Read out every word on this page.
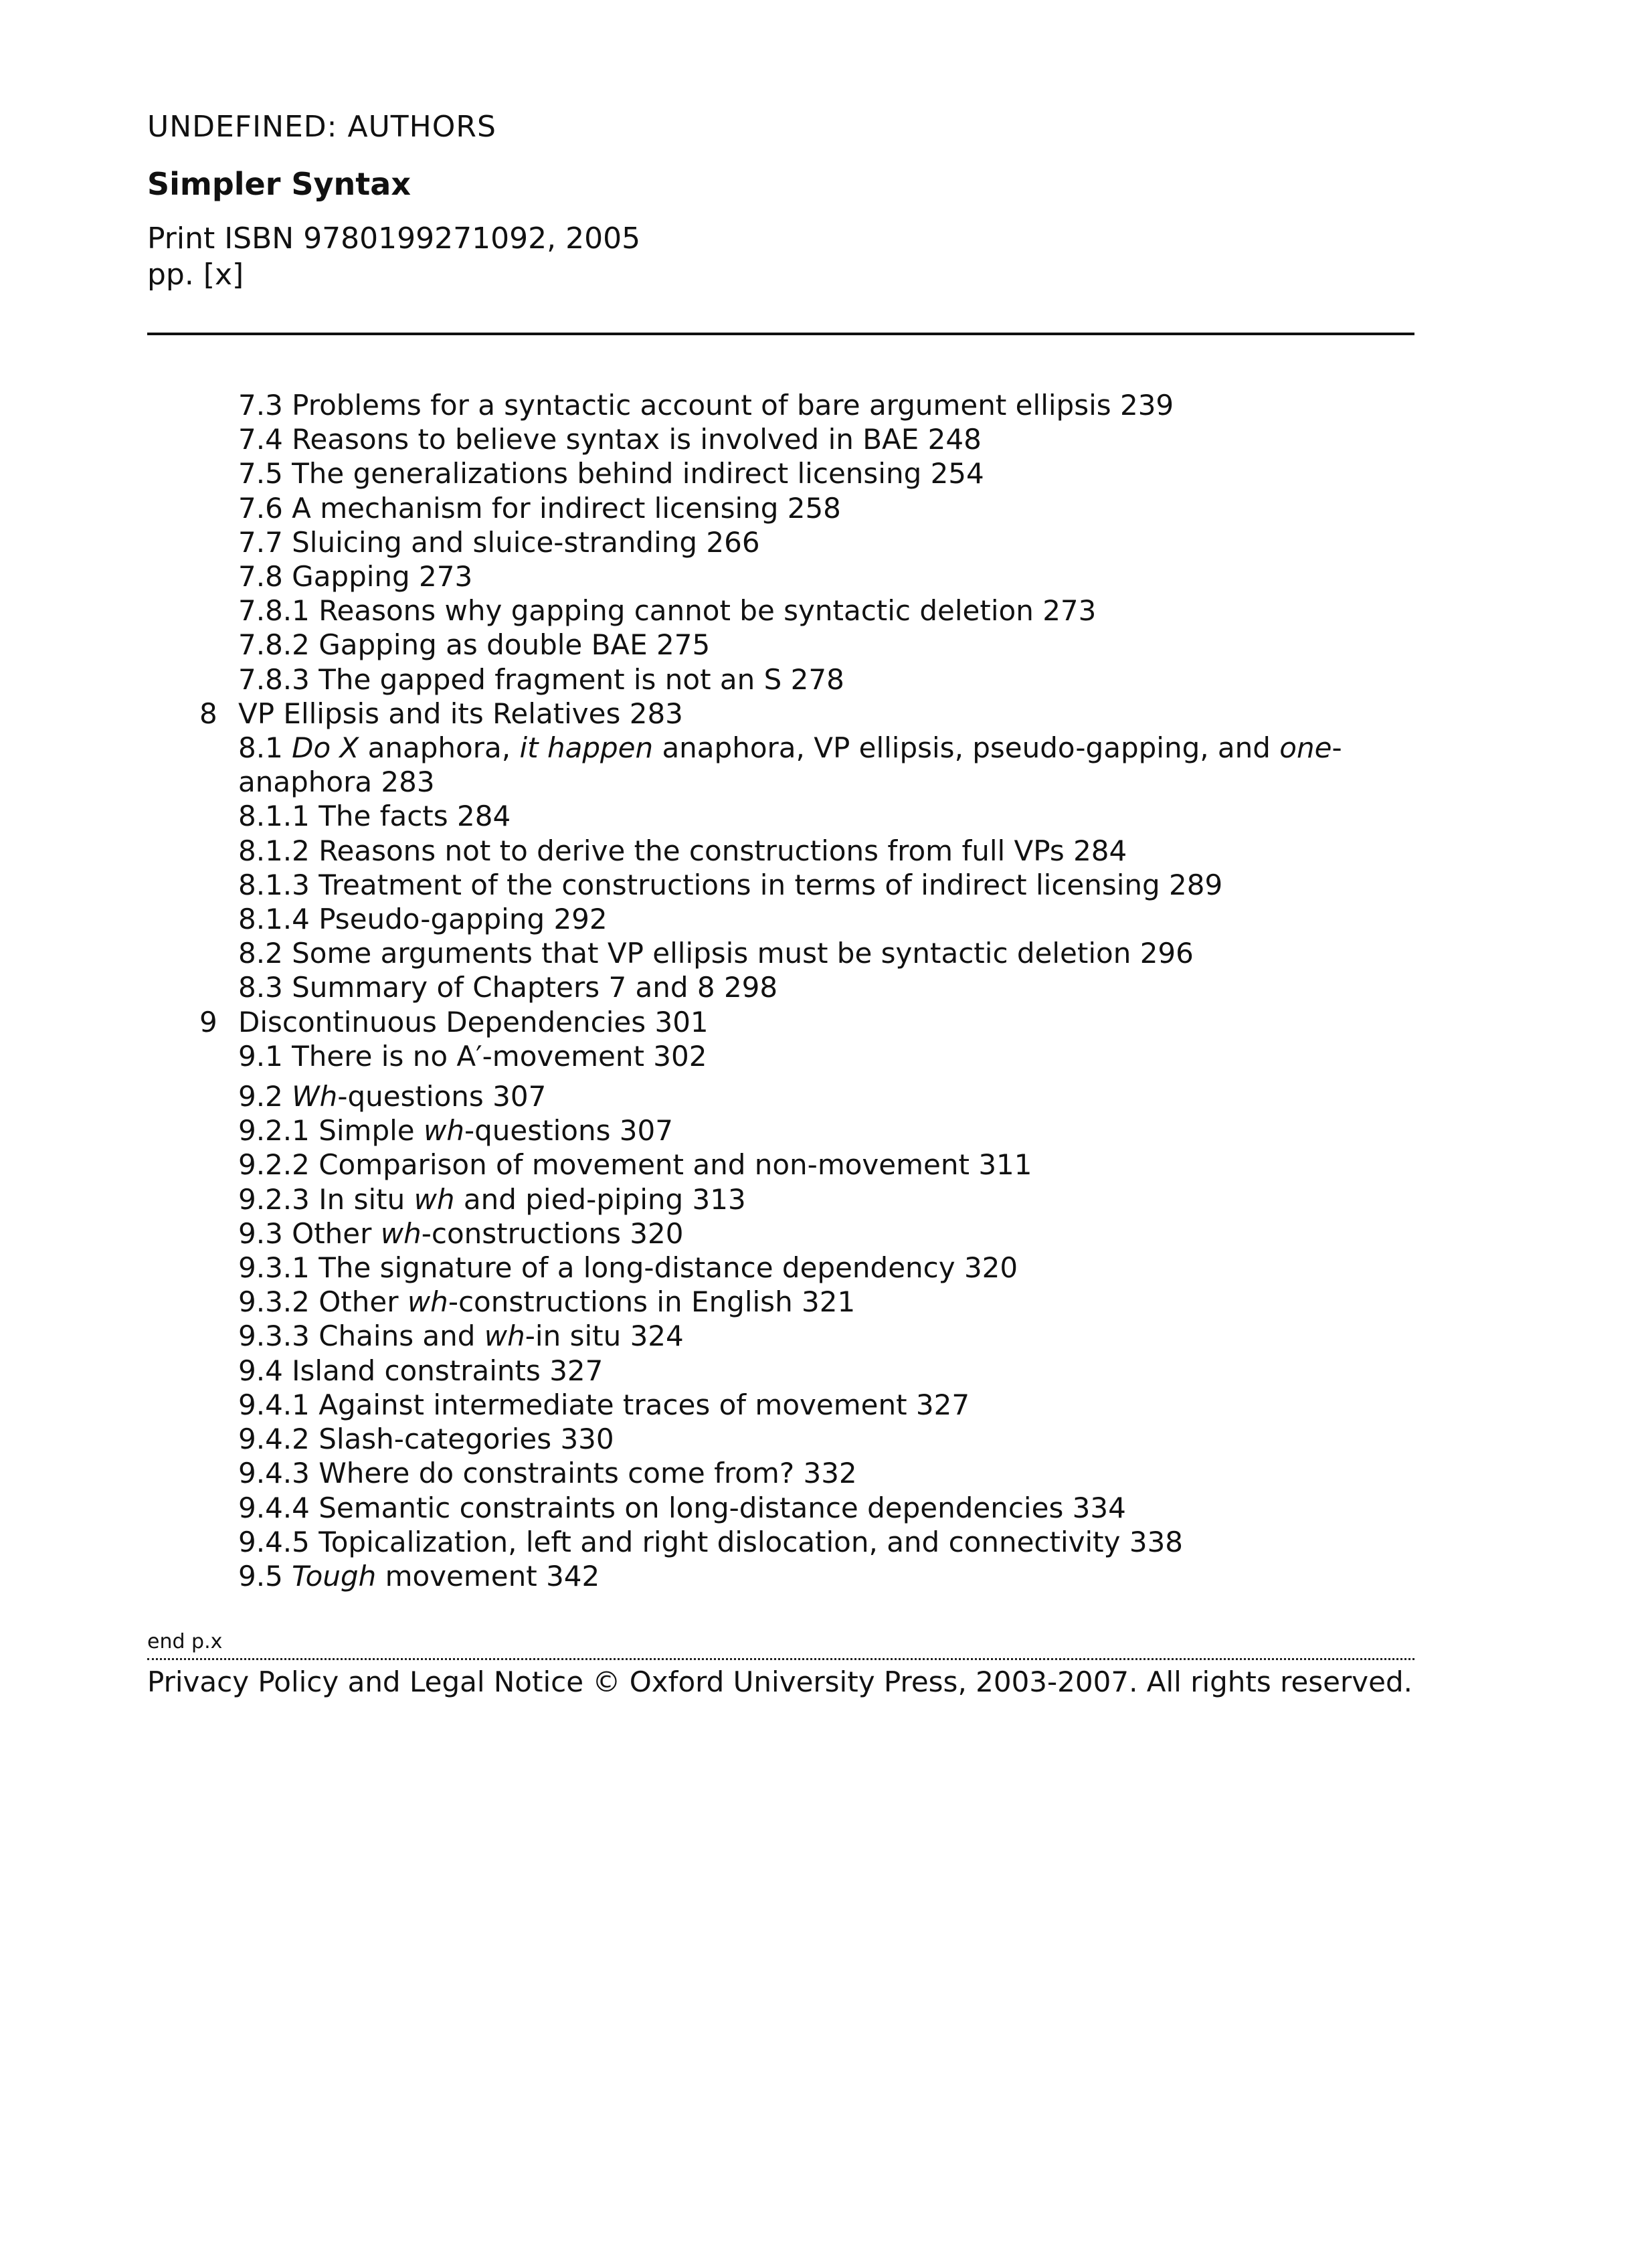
UNDEFINED: AUTHORS
Simpler Syntax
Print ISBN 9780199271092, 2005
pp. [x]
7.3 Problems for a syntactic account of bare argument ellipsis 239
7.4 Reasons to believe syntax is involved in BAE 248
7.5 The generalizations behind indirect licensing 254
7.6 A mechanism for indirect licensing 258
7.7 Sluicing and sluice-stranding 266
7.8 Gapping 273
7.8.1 Reasons why gapping cannot be syntactic deletion 273
7.8.2 Gapping as double BAE 275
7.8.3 The gapped fragment is not an S 278
8 VP Ellipsis and its Relatives 283
8.1 Do X anaphora, it happen anaphora, VP ellipsis, pseudo-gapping, and one-anaphora 283
8.1.1 The facts 284
8.1.2 Reasons not to derive the constructions from full VPs 284
8.1.3 Treatment of the constructions in terms of indirect licensing 289
8.1.4 Pseudo-gapping 292
8.2 Some arguments that VP ellipsis must be syntactic deletion 296
8.3 Summary of Chapters 7 and 8 298
9 Discontinuous Dependencies 301
9.1 There is no A′-movement 302
9.2 Wh-questions 307
9.2.1 Simple wh-questions 307
9.2.2 Comparison of movement and non-movement 311
9.2.3 In situ wh and pied-piping 313
9.3 Other wh-constructions 320
9.3.1 The signature of a long-distance dependency 320
9.3.2 Other wh-constructions in English 321
9.3.3 Chains and wh-in situ 324
9.4 Island constraints 327
9.4.1 Against intermediate traces of movement 327
9.4.2 Slash-categories 330
9.4.3 Where do constraints come from? 332
9.4.4 Semantic constraints on long-distance dependencies 334
9.4.5 Topicalization, left and right dislocation, and connectivity 338
9.5 Tough movement 342
end p.x
Privacy Policy and Legal Notice © Oxford University Press, 2003-2007. All rights reserved.
